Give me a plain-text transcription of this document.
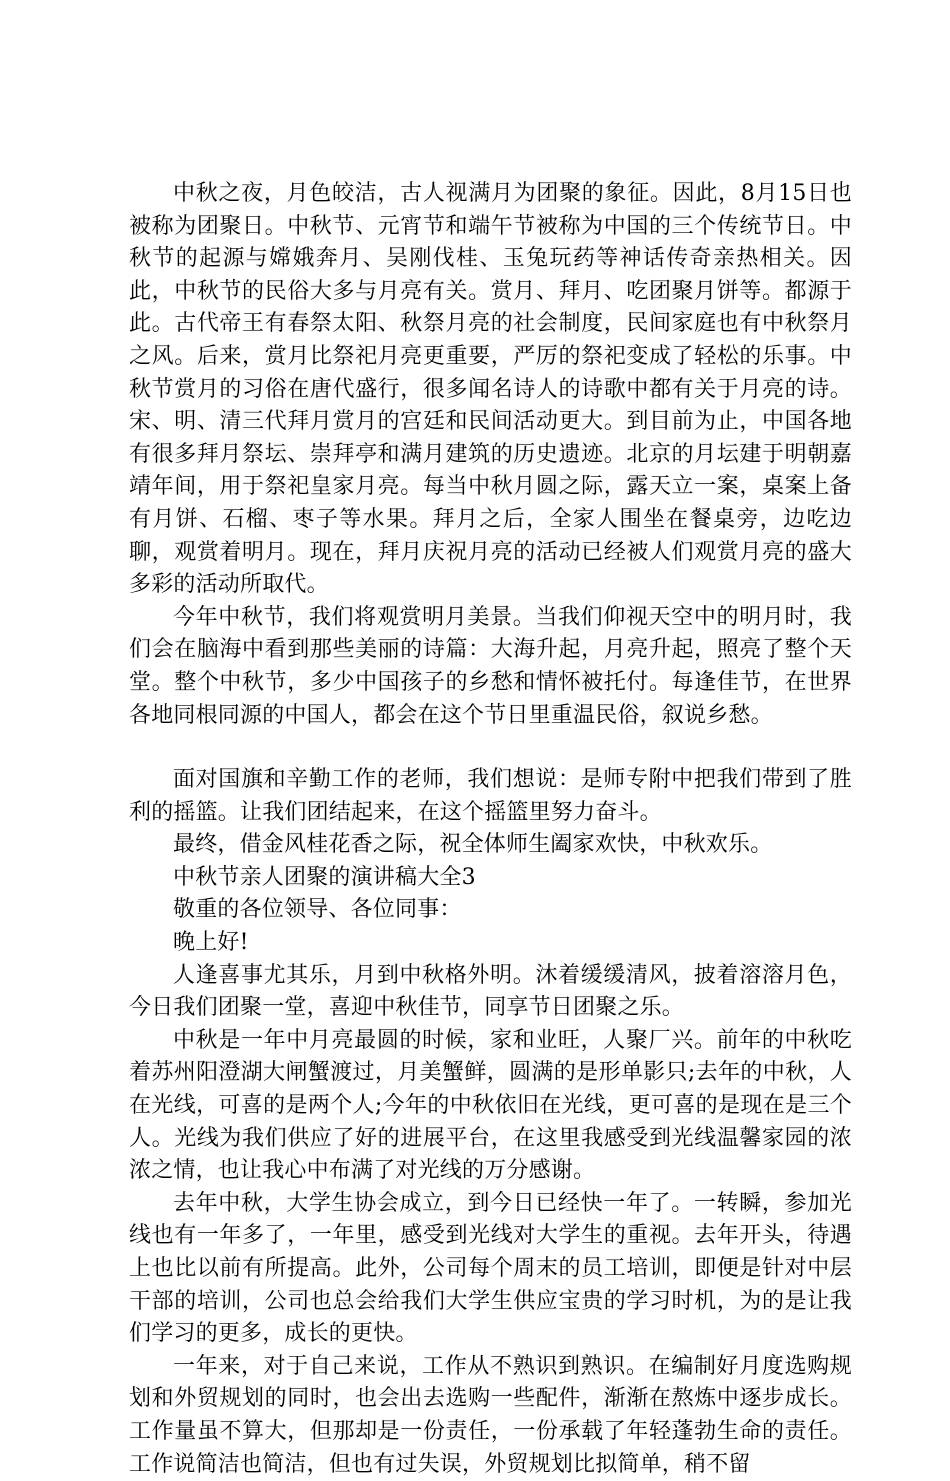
中秋之夜，月色皎洁，古人视满月为团聚的象征。因此，8月15日也被称为团聚日。中秋节、元宵节和端午节被称为中国的三个传统节日。中秋节的起源与嫦娥奔月、吴刚伐桂、玉兔玩药等神话传奇亲热相关。因此，中秋节的民俗大多与月亮有关。赏月、拜月、吃团聚月饼等。都源于此。古代帝王有春祭太阳、秋祭月亮的社会制度，民间家庭也有中秋祭月之风。后来，赏月比祭祀月亮更重要，严厉的祭祀变成了轻松的乐事。中秋节赏月的习俗在唐代盛行，很多闻名诗人的诗歌中都有关于月亮的诗。宋、明、清三代拜月赏月的宫廷和民间活动更大。到目前为止，中国各地有很多拜月祭坛、崇拜亭和满月建筑的历史遗迹。北京的月坛建于明朝嘉靖年间，用于祭祀皇家月亮。每当中秋月圆之际，露天立一案，桌案上备有月饼、石榴、枣子等水果。拜月之后，全家人围坐在餐桌旁，边吃边聊，观赏着明月。现在，拜月庆祝月亮的活动已经被人们观赏月亮的盛大多彩的活动所取代。

今年中秋节，我们将观赏明月美景。当我们仰视天空中的明月时，我们会在脑海中看到那些美丽的诗篇：大海升起，月亮升起，照亮了整个天堂。整个中秋节，多少中国孩子的乡愁和情怀被托付。每逢佳节，在世界各地同根同源的中国人，都会在这个节日里重温民俗，叙说乡愁。

面对国旗和辛勤工作的老师，我们想说：是师专附中把我们带到了胜利的摇篮。让我们团结起来，在这个摇篮里努力奋斗。

最终，借金风桂花香之际，祝全体师生阖家欢快，中秋欢乐。

中秋节亲人团聚的演讲稿大全3

敬重的各位领导、各位同事：

晚上好!

人逢喜事尤其乐，月到中秋格外明。沐着缓缓清风，披着溶溶月色，今日我们团聚一堂，喜迎中秋佳节，同享节日团聚之乐。

中秋是一年中月亮最圆的时候，家和业旺，人聚厂兴。前年的中秋吃着苏州阳澄湖大闸蟹渡过，月美蟹鲜，圆满的是形单影只;去年的中秋，人在光线，可喜的是两个人;今年的中秋依旧在光线，更可喜的是现在是三个人。光线为我们供应了好的进展平台，在这里我感受到光线温馨家园的浓浓之情，也让我心中布满了对光线的万分感谢。

去年中秋，大学生协会成立，到今日已经快一年了。一转瞬，参加光线也有一年多了，一年里，感受到光线对大学生的重视。去年开头，待遇上也比以前有所提高。此外，公司每个周末的员工培训，即便是针对中层干部的培训，公司也总会给我们大学生供应宝贵的学习时机，为的是让我们学习的更多，成长的更快。

一年来，对于自己来说，工作从不熟识到熟识。在编制好月度选购规划和外贸规划的同时，也会出去选购一些配件，渐渐在熬炼中逐步成长。工作量虽不算大，但那却是一份责任，一份承载了年轻蓬勃生命的责任。工作说简洁也简洁，但也有过失误，外贸规划比拟简单，稍不留
